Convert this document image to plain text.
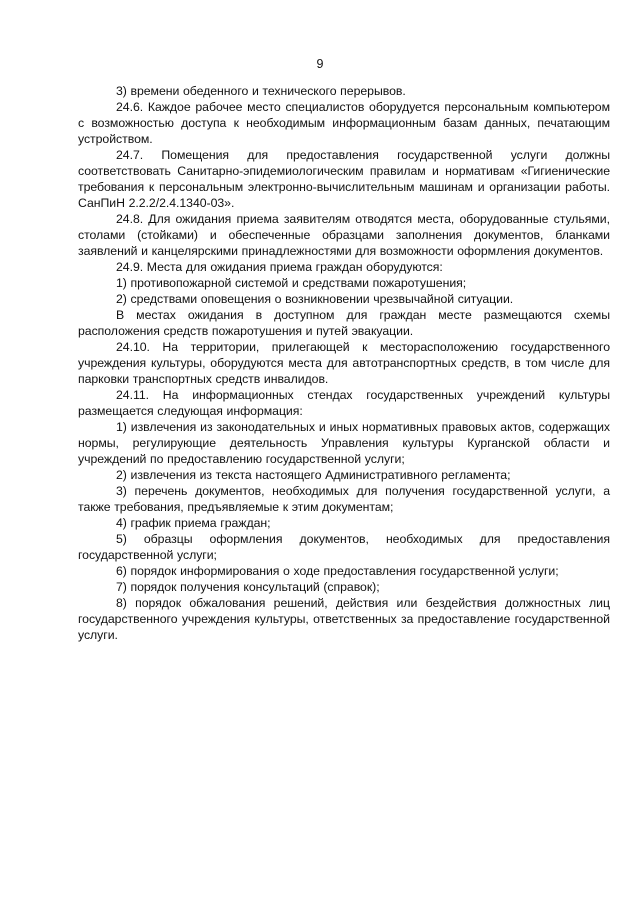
9

3) времени обеденного и технического перерывов.

24.6. Каждое рабочее место специалистов оборудуется персональным компьютером с возможностью доступа к необходимым информационным базам данных, печатающим устройством.

24.7. Помещения для предоставления государственной услуги должны соответствовать Санитарно-эпидемиологическим правилам и нормативам «Гигиенические требования к персональным электронно-вычислительным машинам и организации работы. СанПиН 2.2.2/2.4.1340-03».

24.8. Для ожидания приема заявителям отводятся места, оборудованные стульями, столами (стойками) и обеспеченные образцами заполнения документов, бланками заявлений и канцелярскими принадлежностями для возможности оформления документов.

24.9. Места для ожидания приема граждан оборудуются:

1) противопожарной системой и средствами пожаротушения;

2) средствами оповещения о возникновении чрезвычайной ситуации.

В местах ожидания в доступном для граждан месте размещаются схемы расположения средств пожаротушения и путей эвакуации.

24.10. На территории, прилегающей к месторасположению государственного учреждения культуры, оборудуются места для автотранспортных средств, в том числе для парковки транспортных средств инвалидов.

24.11. На информационных стендах государственных учреждений культуры размещается следующая информация:

1) извлечения из законодательных и иных нормативных правовых актов, содержащих нормы, регулирующие деятельность Управления культуры Курганской области и учреждений по предоставлению государственной услуги;

2) извлечения из текста настоящего Административного регламента;

3) перечень документов, необходимых для получения государственной услуги, а также требования, предъявляемые к этим документам;

4) график приема граждан;

5) образцы оформления документов, необходимых для предоставления государственной услуги;

6) порядок информирования о ходе предоставления государственной услуги;

7) порядок получения консультаций (справок);

8) порядок обжалования решений, действия или бездействия должностных лиц государственного учреждения культуры, ответственных за предоставление государственной услуги.
